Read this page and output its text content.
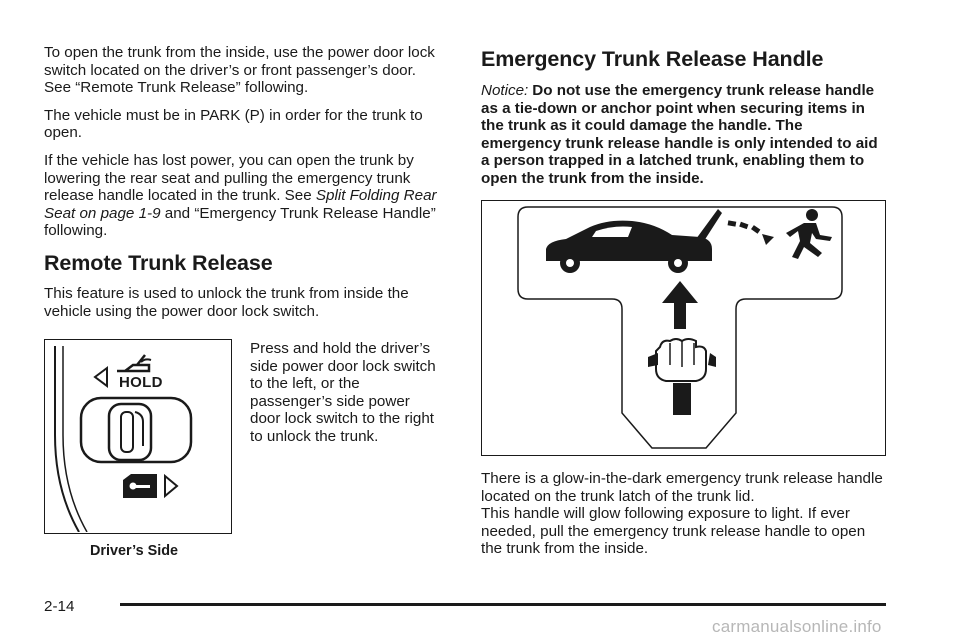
To open the trunk from the inside, use the power door lock switch located on the driver’s or front passenger’s door. See “Remote Trunk Release” following.

The vehicle must be in PARK (P) in order for the trunk to open.

If the vehicle has lost power, you can open the trunk by lowering the rear seat and pulling the emergency trunk release handle located in the trunk. See Split Folding Rear Seat on page 1-9 and “Emergency Trunk Release Handle” following.

Remote Trunk Release

This feature is used to unlock the trunk from inside the vehicle using the power door lock switch.

Press and hold the driver’s side power door lock switch to the left, or the passenger’s side power door lock switch to the right to unlock the trunk.

HOLD
Driver’s Side
Emergency Trunk Release Handle
Notice: Do not use the emergency trunk release handle as a tie-down or anchor point when securing items in the trunk as it could damage the handle. The emergency trunk release handle is only intended to aid a person trapped in a latched trunk, enabling them to open the trunk from the inside.

There is a glow-in-the-dark emergency trunk release handle located on the trunk latch of the trunk lid.
This handle will glow following exposure to light. If ever needed, pull the emergency trunk release handle to open the trunk from the inside.

2-14
carmanualsonline.info
